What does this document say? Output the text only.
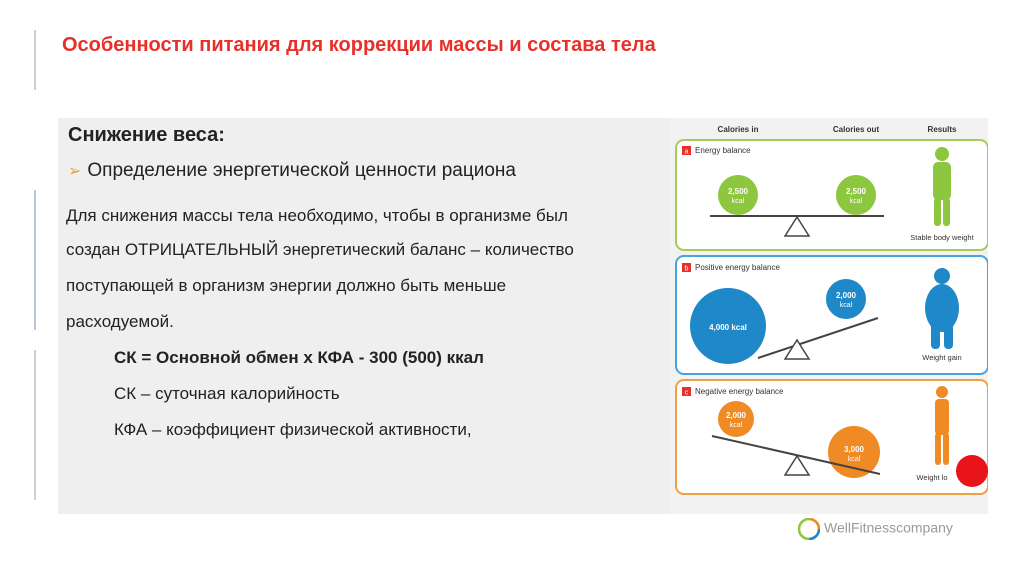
Особенности питания для коррекции массы и состава тела
Снижение веса:
➢ Определение энергетической ценности рациона
Для снижения массы тела необходимо, чтобы в организме был
создан ОТРИЦАТЕЛЬНЫЙ энергетический баланс – количество
поступающей в организм энергии должно быть меньше
расходуемой.
СК = Основной обмен х КФА - 300 (500) ккал
СК – суточная калорийность
КФА – коэффициент физической активности,
Calories in	Calories out	Results
a Energy balance
2,500
kcal
2,500
kcal
Stable body weight
b Positive energy balance
4,000 kcal
2,000
kcal
Weight gain
c Negative energy balance
2,000
kcal
3,000
kcal
Weight lo
WellFitnesscompany
